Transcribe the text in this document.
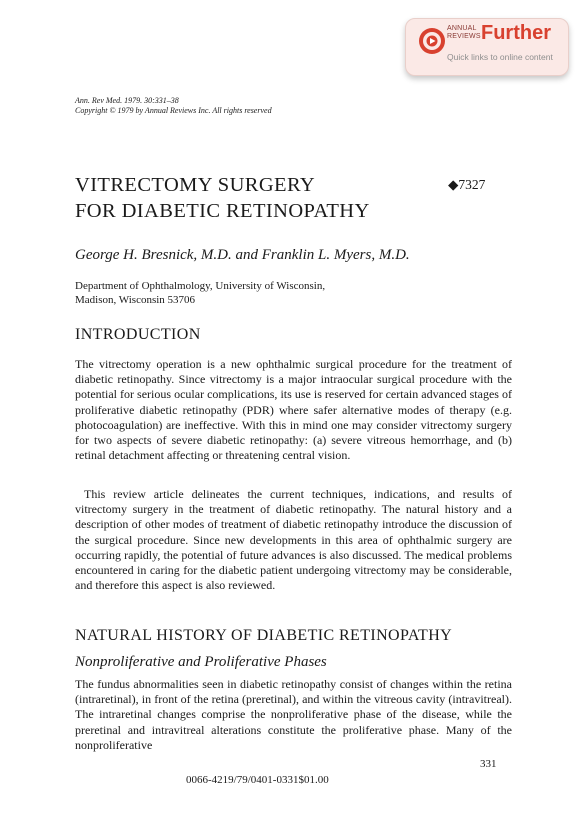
ANNUAL
REVIEWS Further
Quick links to online content
Ann. Rev Med. 1979. 30:331–38
Copyright © 1979 by Annual Reviews Inc. All rights reserved
VITRECTOMY SURGERY
FOR DIABETIC RETINOPATHY
◆7327
George H. Bresnick, M.D. and Franklin L. Myers, M.D.
Department of Ophthalmology, University of Wisconsin,
Madison, Wisconsin 53706
INTRODUCTION

The vitrectomy operation is a new ophthalmic surgical procedure for the treatment of diabetic retinopathy. Since vitrectomy is a major intraocular surgical procedure with the potential for serious ocular complications, its use is reserved for certain advanced stages of proliferative diabetic retinopathy (PDR) where safer alternative modes of therapy (e.g. photocoagulation) are ineffective. With this in mind one may consider vitrectomy surgery for two aspects of severe diabetic retinopathy: (a) severe vitreous hemorrhage, and (b) retinal detachment affecting or threatening central vision.

This review article delineates the current techniques, indications, and results of vitrectomy surgery in the treatment of diabetic retinopathy. The natural history and a description of other modes of treatment of diabetic retinopathy introduce the discussion of the surgical procedure. Since new developments in this area of ophthalmic surgery are occurring rapidly, the potential of future advances is also discussed. The medical problems encountered in caring for the diabetic patient undergoing vitrectomy may be considerable, and therefore this aspect is also reviewed.

NATURAL HISTORY OF DIABETIC RETINOPATHY
Nonproliferative and Proliferative Phases

The fundus abnormalities seen in diabetic retinopathy consist of changes within the retina (intraretinal), in front of the retina (preretinal), and within the vitreous cavity (intravitreal). The intraretinal changes comprise the nonproliferative phase of the disease, while the preretinal and intravitreal alterations constitute the proliferative phase. Many of the nonproliferative

331
0066-4219/79/0401-0331$01.00
